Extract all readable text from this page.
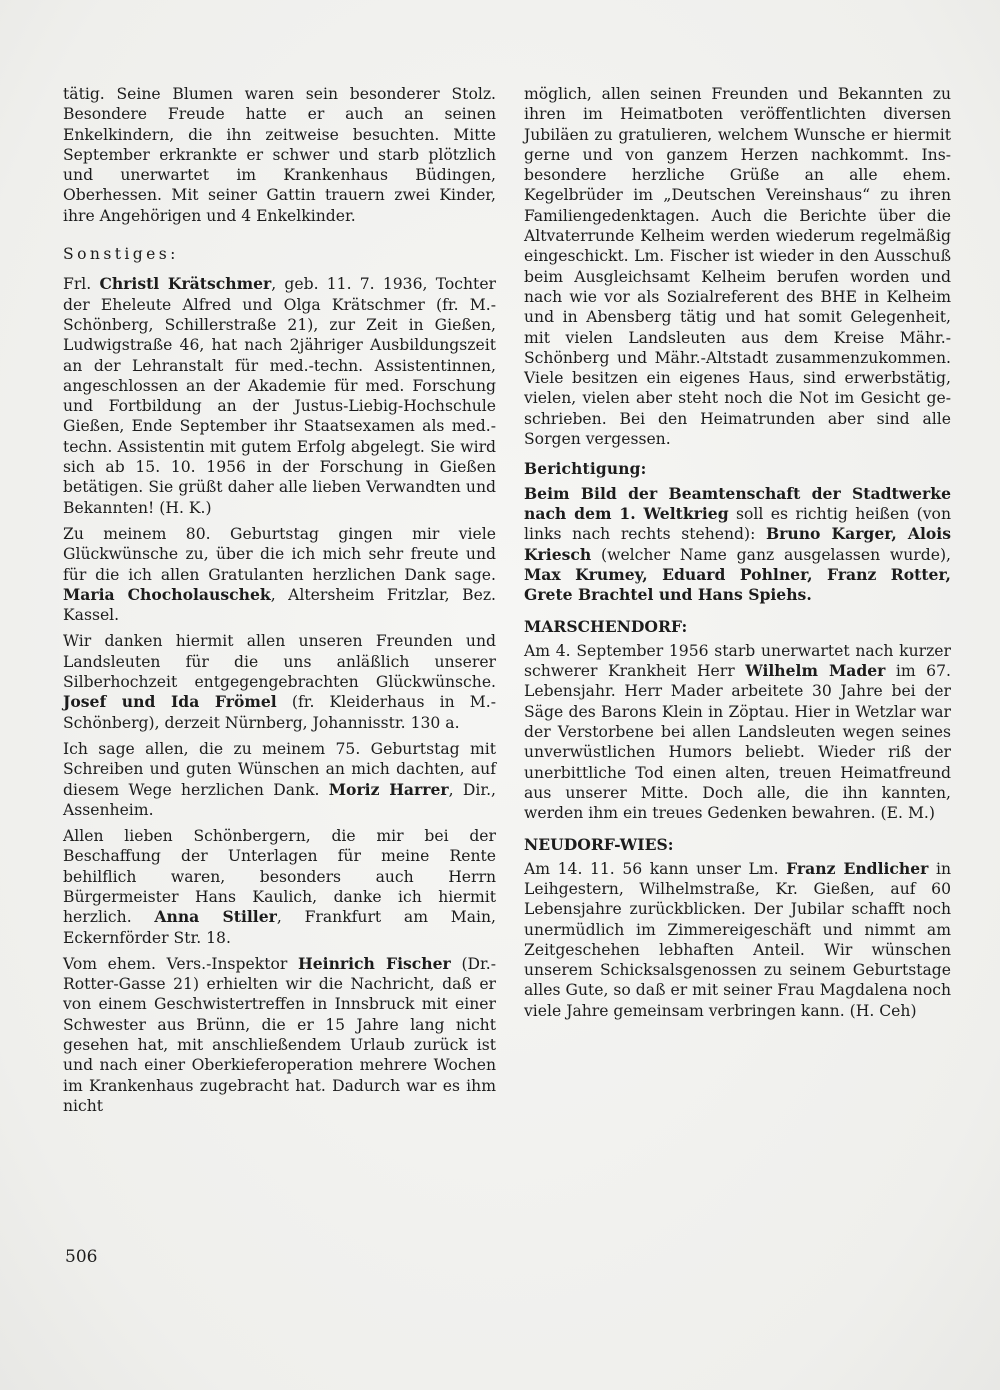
tätig. Seine Blumen waren sein besonderer Stolz. Besondere Freude hatte er auch an seinen Enkelkindern, die ihn zeitweise besuchten. Mitte September erkrankte er schwer und starb plötzlich und unerwartet im Krankenhaus Büdingen, Oberhessen. Mit seiner Gattin trauern zwei Kinder, ihre Angehörigen und 4 Enkelkinder.

Sonstiges:

Frl. Christl Krätschmer, geb. 11. 7. 1936, Tochter der Eheleute Alfred und Olga Krätschmer (fr. M.-Schönberg, Schillerstraße 21), zur Zeit in Gießen, Ludwigstraße 46, hat nach 2jähriger Ausbildungszeit an der Lehranstalt für med.-techn. Assistentinnen, angeschlossen an der Akademie für med. Forschung und Fortbildung an der Justus-Liebig-Hochschule Gießen, Ende September ihr Staatsexamen als med.-techn. Assistentin mit gutem Erfolg abgelegt. Sie wird sich ab 15. 10. 1956 in der Forschung in Gießen betätigen. Sie grüßt daher alle lieben Verwandten und Bekannten! (H. K.)

Zu meinem 80. Geburtstag gingen mir viele Glückwünsche zu, über die ich mich sehr freute und für die ich allen Gratulanten herzlichen Dank sage. Maria Chocholauschek, Altersheim Fritzlar, Bez. Kassel.

Wir danken hiermit allen unseren Freunden und Landsleuten für die uns anläßlich unserer Silberhochzeit entgegengebrachten Glückwünsche. Josef und Ida Frömel (fr. Kleiderhaus in M.-Schönberg), derzeit Nürnberg, Johannisstr. 130 a.

Ich sage allen, die zu meinem 75. Geburtstag mit Schreiben und guten Wünschen an mich dachten, auf diesem Wege herzlichen Dank. Moriz Harrer, Dir., Assenheim.

Allen lieben Schönbergern, die mir bei der Beschaffung der Unterlagen für meine Rente behilflich waren, besonders auch Herrn Bürgermeister Hans Kaulich, danke ich hiermit herzlich. Anna Stiller, Frankfurt am Main, Eckernförder Str. 18.

Vom ehem. Vers.-Inspektor Heinrich Fischer (Dr.-Rotter-Gasse 21) erhielten wir die Nachricht, daß er von einem Geschwistertreffen in Innsbruck mit einer Schwester aus Brünn, die er 15 Jahre lang nicht gesehen hat, mit anschließendem Urlaub zurück ist und nach einer Oberkieferoperation mehrere Wochen im Krankenhaus zugebracht hat. Dadurch war es ihm nicht

möglich, allen seinen Freunden und Bekannten zu ihren im Heimatboten veröffentlichten diversen Jubiläen zu gratulieren, welchem Wunsche er hiermit gerne und von ganzem Herzen nachkommt. Insbesondere herzliche Grüße an alle ehem. Kegelbrüder im „Deutschen Vereinshaus“ zu ihren Familiengedenktagen. Auch die Berichte über die Altvaterrunde Kelheim werden wiederum regelmäßig eingeschickt. Lm. Fischer ist wieder in den Ausschuß beim Ausgleichsamt Kelheim berufen worden und nach wie vor als Sozialreferent des BHE in Kelheim und in Abensberg tätig und hat somit Gelegenheit, mit vielen Landsleuten aus dem Kreise Mähr.-Schönberg und Mähr.-Altstadt zusammenzukommen. Viele besitzen ein eigenes Haus, sind erwerbstätig, vielen, vielen aber steht noch die Not im Gesicht geschrieben. Bei den Heimatrunden aber sind alle Sorgen vergessen.

Berichtigung:

Beim Bild der Beamtenschaft der Stadtwerke nach dem 1. Weltkrieg soll es richtig heißen (von links nach rechts stehend): Bruno Karger, Alois Kriesch (welcher Name ganz ausgelassen wurde), Max Krumey, Eduard Pohlner, Franz Rotter, Grete Brachtel und Hans Spiehs.

MARSCHENDORF:

Am 4. September 1956 starb unerwartet nach kurzer schwerer Krankheit Herr Wilhelm Mader im 67. Lebensjahr. Herr Mader arbeitete 30 Jahre bei der Säge des Barons Klein in Zöptau. Hier in Wetzlar war der Verstorbene bei allen Landsleuten wegen seines unverwüstlichen Humors beliebt. Wieder riß der unerbittliche Tod einen alten, treuen Heimatfreund aus unserer Mitte. Doch alle, die ihn kannten, werden ihm ein treues Gedenken bewahren. (E. M.)

NEUDORF-WIES:

Am 14. 11. 56 kann unser Lm. Franz Endlicher in Leihgestern, Wilhelmstraße, Kr. Gießen, auf 60 Lebensjahre zurückblicken. Der Jubilar schafft noch unermüdlich im Zimmereigeschäft und nimmt am Zeitgeschehen lebhaften Anteil. Wir wünschen unserem Schicksalsgenossen zu seinem Geburtstage alles Gute, so daß er mit seiner Frau Magdalena noch viele Jahre gemeinsam verbringen kann. (H. Ceh)

506
